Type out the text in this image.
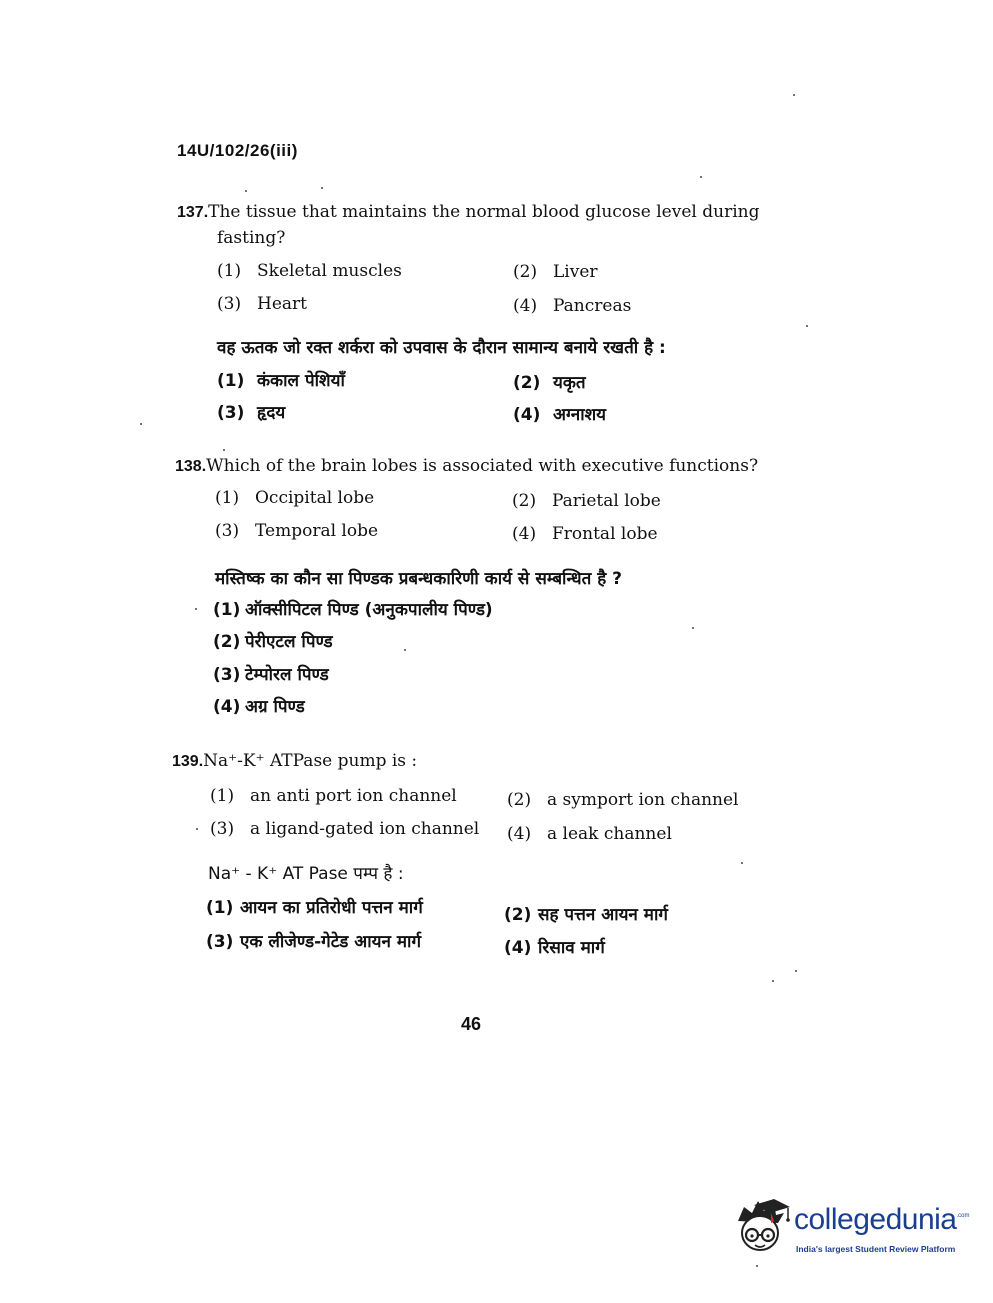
14U/102/26(iii)
137.The tissue that maintains the normal blood glucose level during
fasting?
(1) Skeletal muscles	(2) Liver
(3) Heart	(4) Pancreas
वह ऊतक जो रक्त शर्करा को उपवास के दौरान सामान्य बनाये रखती है :
(1) कंकाल पेशियाँ	(2) यकृत
(3) हृदय	(4) अग्नाशय
138.Which of the brain lobes is associated with executive functions?
(1) Occipital lobe	(2) Parietal lobe
(3) Temporal lobe	(4) Frontal lobe
मस्तिष्क का कौन सा पिण्डक प्रबन्धकारिणी कार्य से सम्बन्धित है ?
(1) ऑक्सीपिटल पिण्ड (अनुकपालीय पिण्ड)
(2) पेरीएटल पिण्ड
(3) टेम्पोरल पिण्ड
(4) अग्र पिण्ड
139.Na⁺-K⁺ ATPase pump is :
(1) an anti port ion channel	(2) a symport ion channel
(3) a ligand-gated ion channel (4) a leak channel
Na⁺ - K⁺ AT Pase पम्प है :
(1) आयन का प्रतिरोधी पत्तन मार्ग	(2) सह पत्तन आयन मार्ग
(3) एक लीजेण्ड-गेटेड आयन मार्ग	(4) रिसाव मार्ग
46
collegedunia$^{.com}$
India's largest Student Review Platform
